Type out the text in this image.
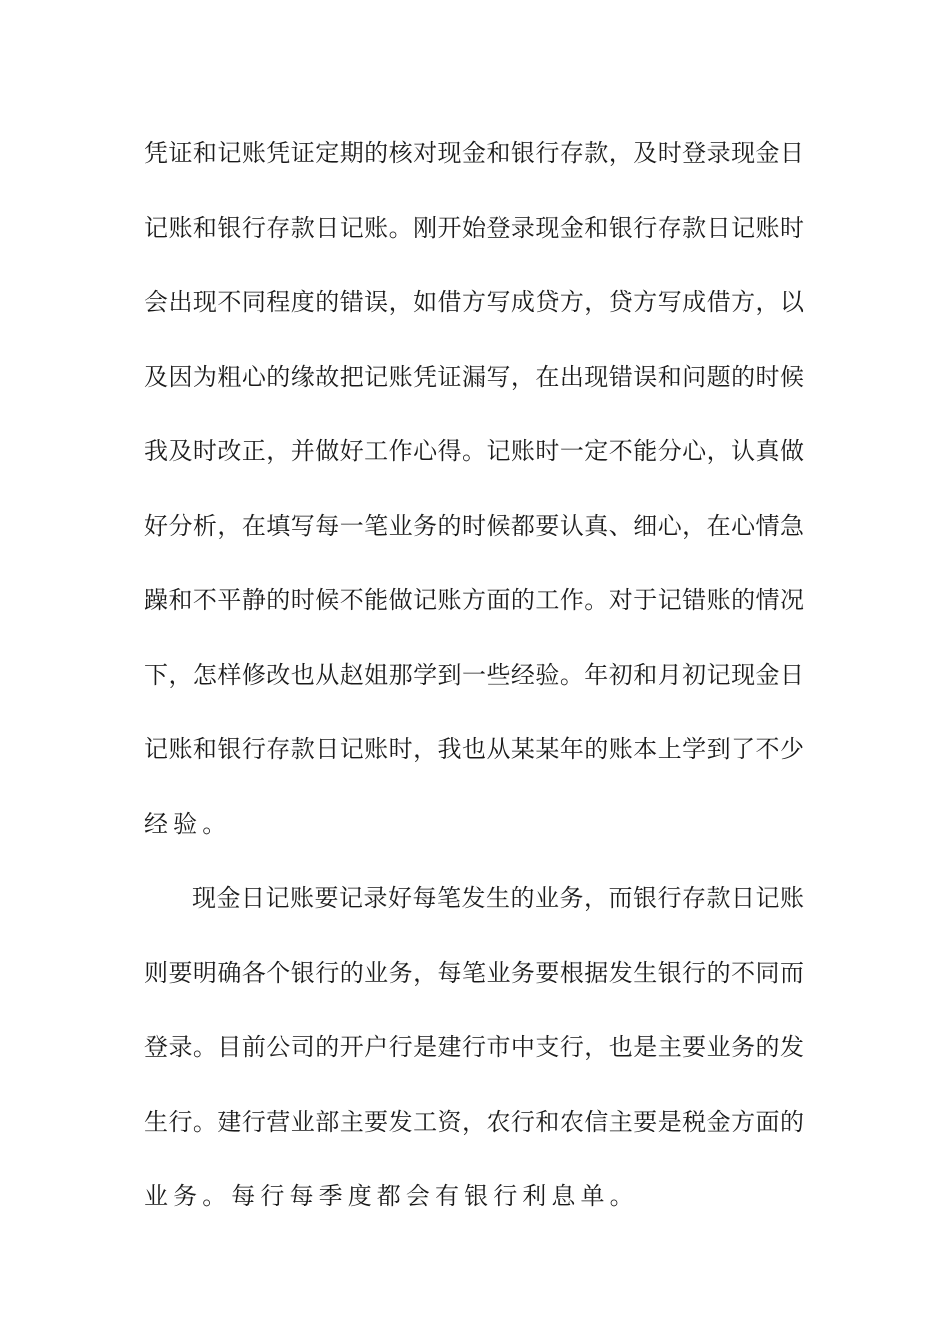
凭证和记账凭证定期的核对现金和银行存款，及时登录现金日
记账和银行存款日记账。刚开始登录现金和银行存款日记账时
会出现不同程度的错误，如借方写成贷方，贷方写成借方，以
及因为粗心的缘故把记账凭证漏写，在出现错误和问题的时候
我及时改正，并做好工作心得。记账时一定不能分心，认真做
好分析，在填写每一笔业务的时候都要认真、细心，在心情急
躁和不平静的时候不能做记账方面的工作。对于记错账的情况
下，怎样修改也从赵姐那学到一些经验。年初和月初记现金日
记账和银行存款日记账时，我也从某某年的账本上学到了不少
经验。
现金日记账要记录好每笔发生的业务，而银行存款日记账
则要明确各个银行的业务，每笔业务要根据发生银行的不同而
登录。目前公司的开户行是建行市中支行，也是主要业务的发
生行。建行营业部主要发工资，农行和农信主要是税金方面的
业务。每行每季度都会有银行利息单。
